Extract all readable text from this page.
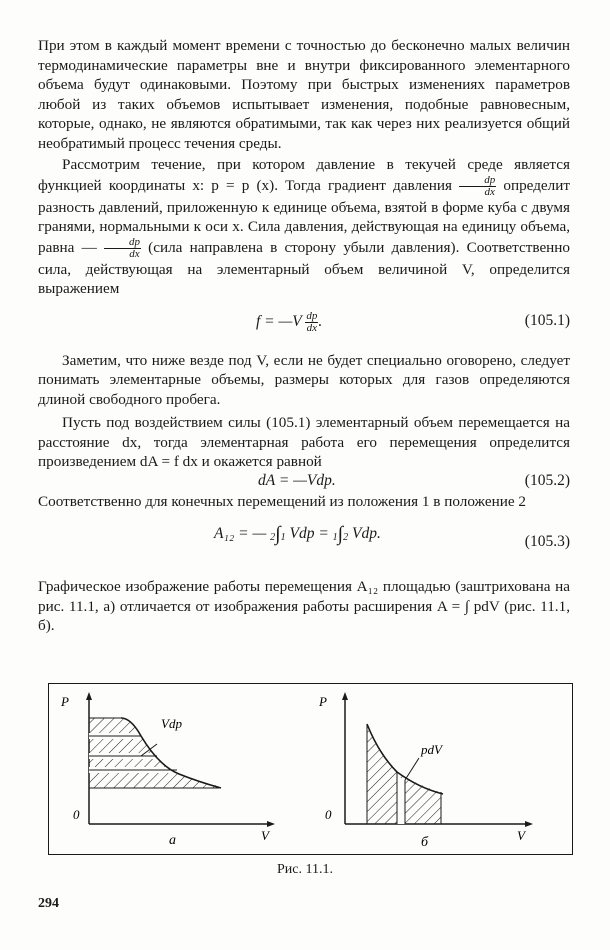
При этом в каждый момент времени с точностью до бесконечно малых величин термодинамические параметры вне и внутри фиксированного элементарного объема будут одинаковыми. Поэтому при быстрых изменениях параметров любой из таких объемов испытывает изменения, подобные равновесным, которые, однако, не являются обратимыми, так как через них реализуется общий необратимый процесс течения среды.

Рассмотрим течение, при котором давление в текучей среде является функцией координаты x: p = p (x). Тогда градиент давления $\frac{dp}{dx}$ определит разность давлений, приложенную к единице объема, взятой в форме куба с двумя гранями, нормальными к оси x. Сила давления, действующая на единицу объема, равна — $\frac{dp}{dx}$ (сила направлена в сторону убыли давления). Соответственно сила, действующая на элементарный объем величиной V, определится выражением

f = —V $\frac{dp}{dx}$ .	(105.1)

Заметим, что ниже везде под V, если не будет специально оговорено, следует понимать элементарные объемы, размеры которых для газов определяются длиной свободного пробега.

Пусть под воздействием силы (105.1) элементарный объем перемещается на расстояние dx, тогда элементарная работа его перемещения определится произведением dA = f dx и окажется равной

dA = —Vdp.	(105.2)

Соответственно для конечных перемещений из положения 1 в положение 2

A₁₂ = — 2∫1 Vdp = 1∫2 Vdp.	(105.3)

Графическое изображение работы перемещения A₁₂ площадью (заштрихована на рис. 11.1, а) отличается от изображения работы расширения A = ∫ pdV (рис. 11.1, б).

P
0
V
Vdp
a
P
0
V
pdV
б
Рис. 11.1.
294
